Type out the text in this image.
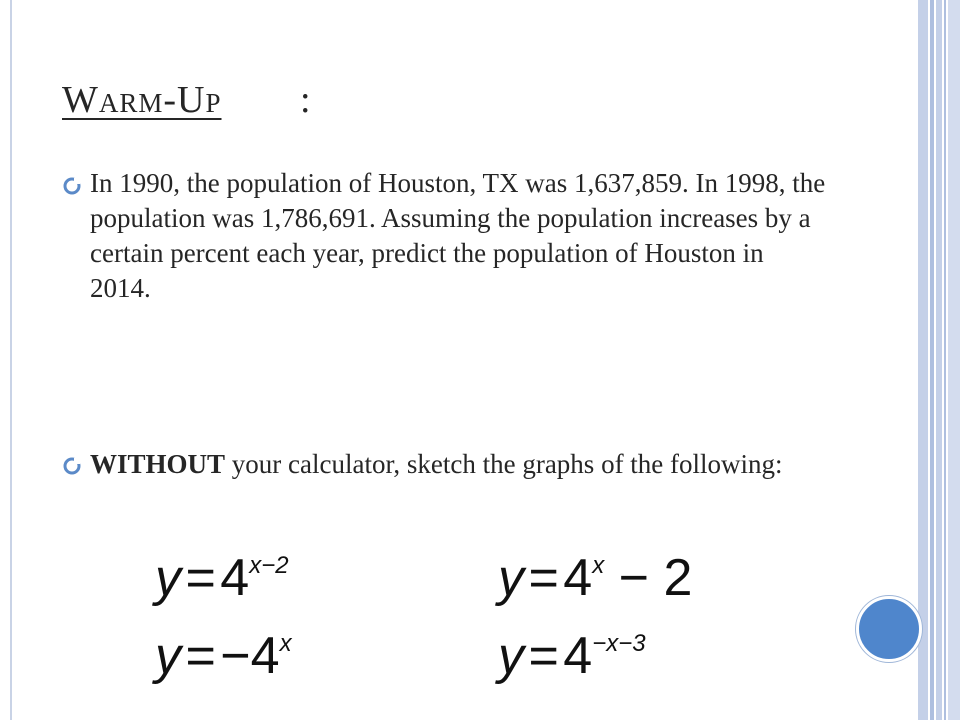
Warm-Up :

In 1990, the population of Houston, TX was 1,637,859. In 1998, the population was 1,786,691. Assuming the population increases by a certain percent each year, predict the population of Houston in 2014.

WITHOUT your calculator, sketch the graphs of the following:

y = 4x−2	y = 4x − 2
y = −4x	y = 4−x−3
